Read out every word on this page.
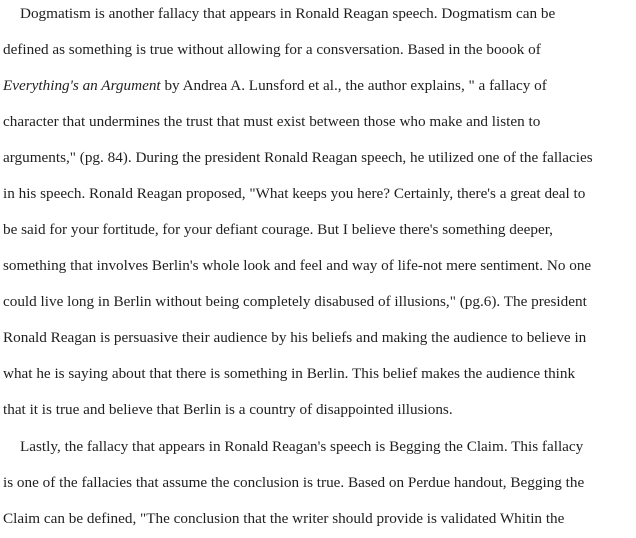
Dogmatism is another fallacy that appears in Ronald Reagan speech. Dogmatism can be
defined as something is true without allowing for a consversation. Based in the boook of
Everything's an Argument by Andrea A. Lunsford et al., the author explains, " a fallacy of
character that undermines the trust that must exist between those who make and listen to
arguments," (pg. 84). During the president Ronald Reagan speech, he utilized one of the fallacies
in his speech. Ronald Reagan proposed, "What keeps you here? Certainly, there's a great deal to
be said for your fortitude, for your defiant courage. But I believe there's something deeper,
something that involves Berlin's whole look and feel and way of life-not mere sentiment. No one
could live long in Berlin without being completely disabused of illusions," (pg.6). The president
Ronald Reagan is persuasive their audience by his beliefs and making the audience to believe in
what he is saying about that there is something in Berlin. This belief makes the audience think
that it is true and believe that Berlin is a country of disappointed illusions.
Lastly, the fallacy that appears in Ronald Reagan's speech is Begging the Claim. This fallacy
is one of the fallacies that assume the conclusion is true. Based on Perdue handout, Begging the
Claim can be defined, "The conclusion that the writer should provide is validated Whitin the
